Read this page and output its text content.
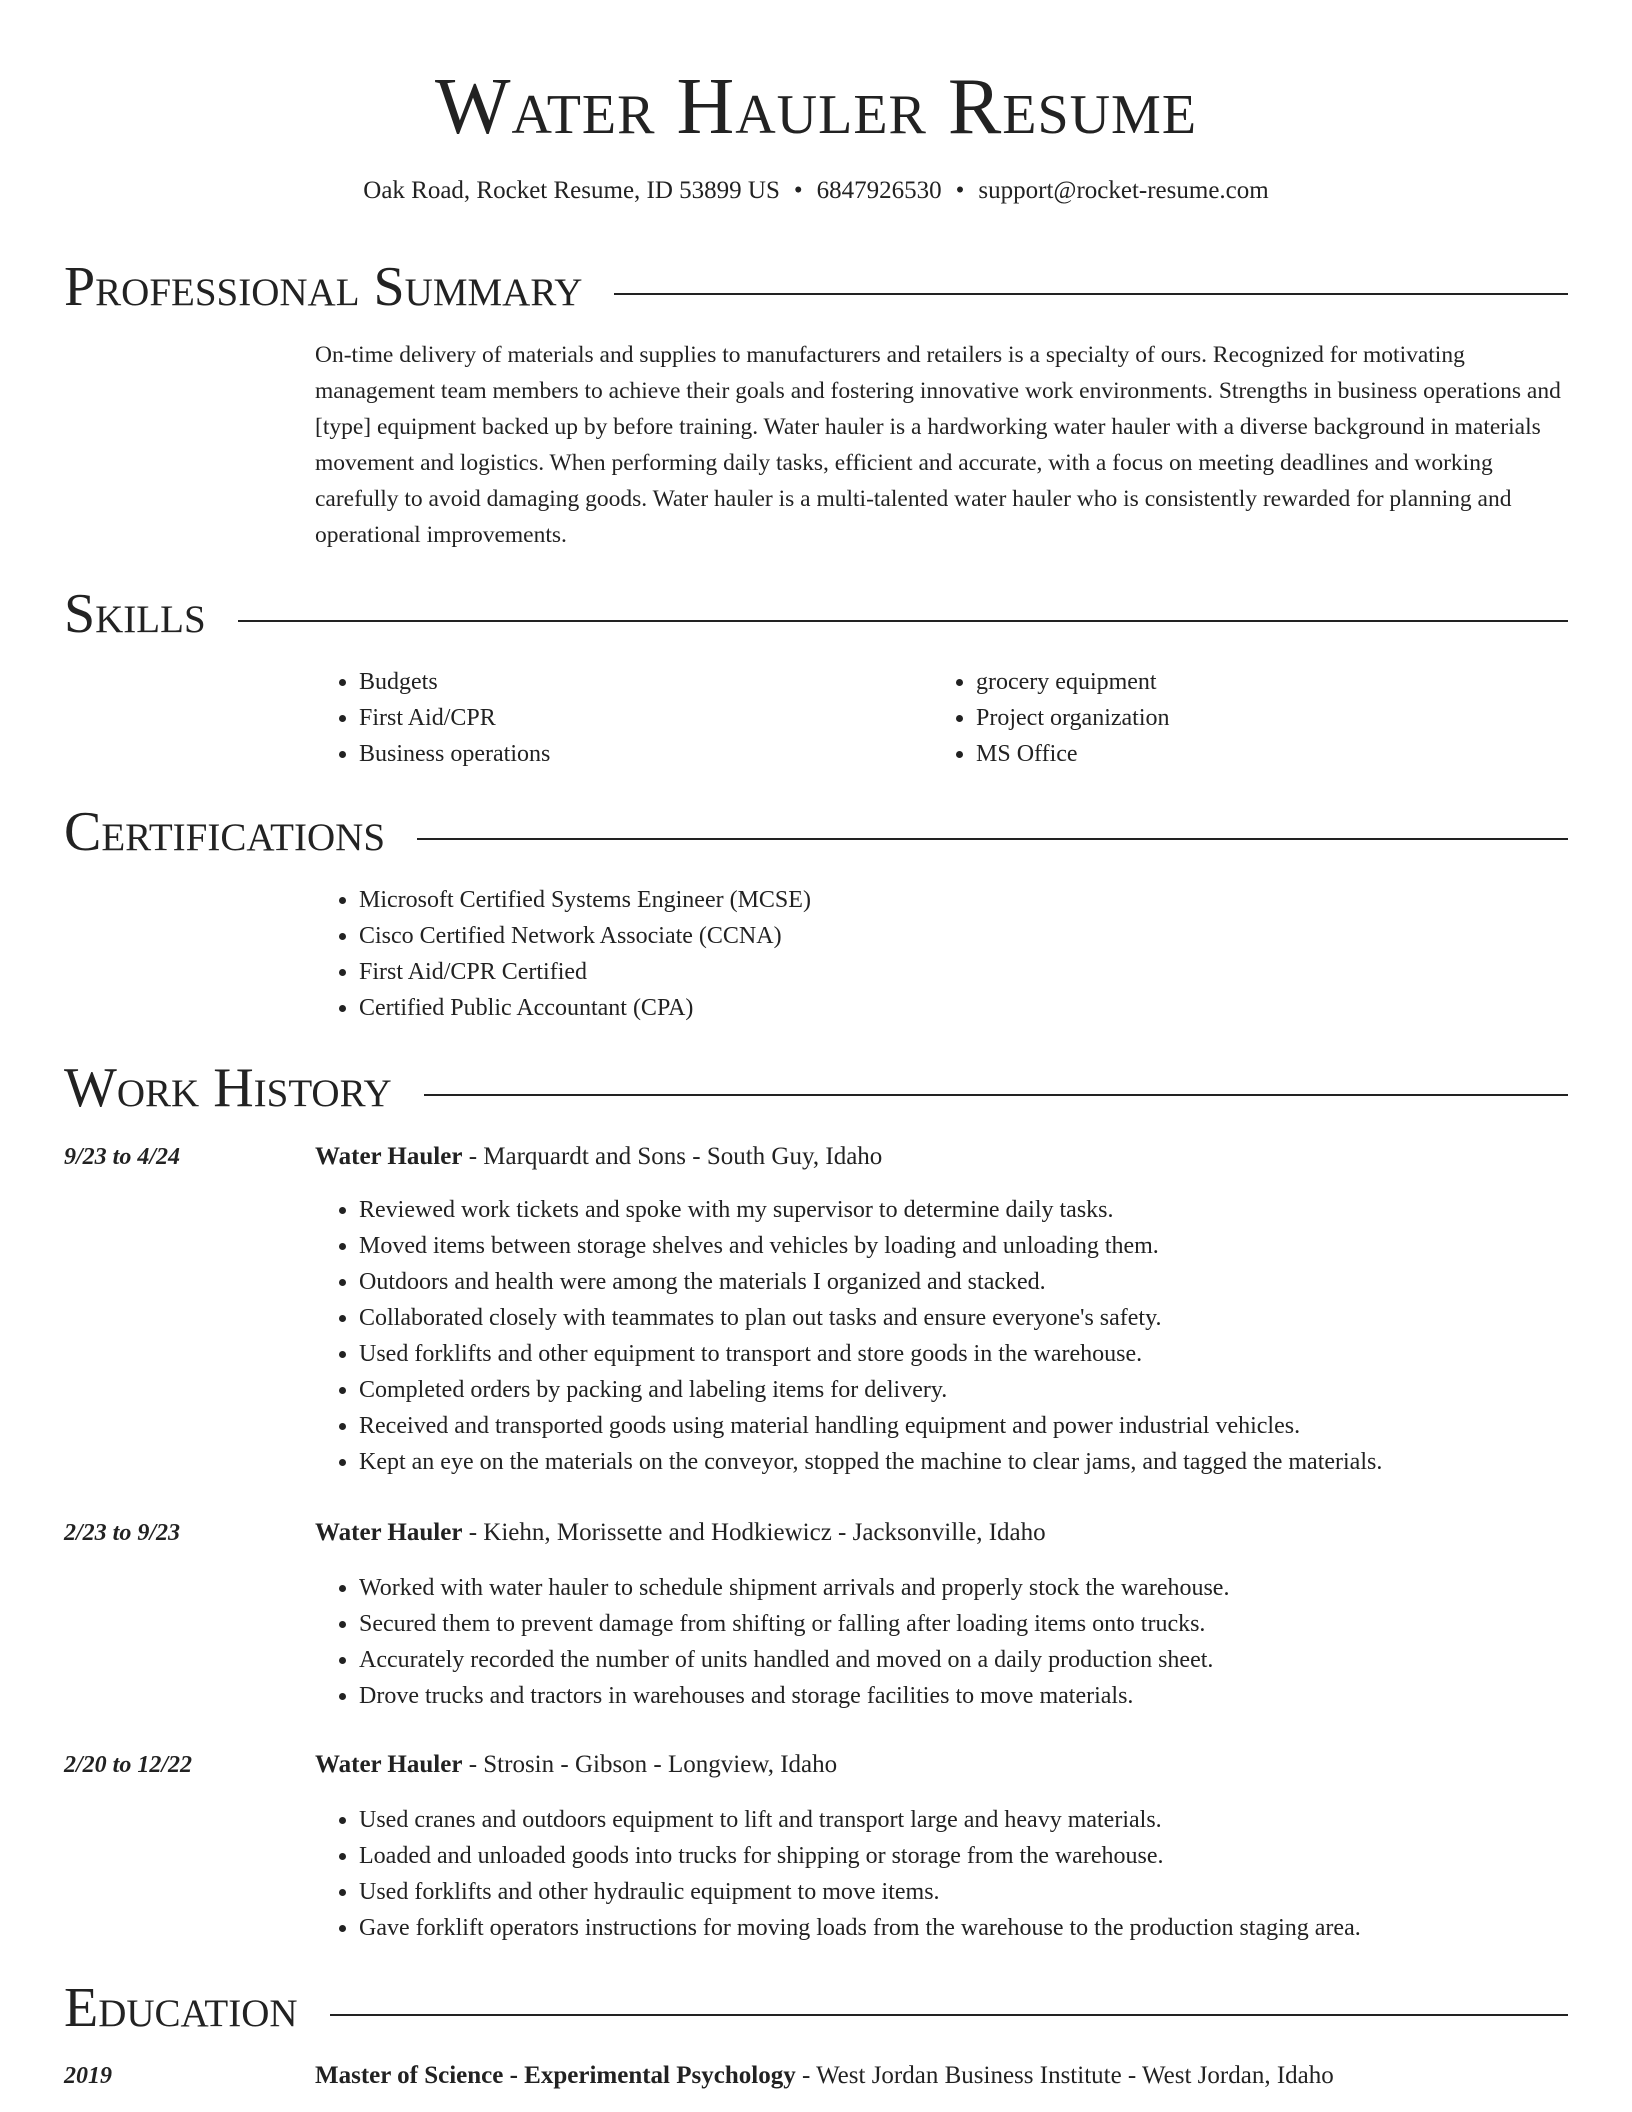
Water Hauler Resume
Oak Road, Rocket Resume, ID 53899 US • 6847926530 • support@rocket-resume.com
Professional Summary

On-time delivery of materials and supplies to manufacturers and retailers is a specialty of ours. Recognized for motivating management team members to achieve their goals and fostering innovative work environments. Strengths in business operations and [type] equipment backed up by before training. Water hauler is a hardworking water hauler with a diverse background in materials movement and logistics. When performing daily tasks, efficient and accurate, with a focus on meeting deadlines and working carefully to avoid damaging goods. Water hauler is a multi-talented water hauler who is consistently rewarded for planning and operational improvements.

Skills
• Budgets
• First Aid/CPR
• Business operations
• grocery equipment
• Project organization
• MS Office
Certifications
• Microsoft Certified Systems Engineer (MCSE)
• Cisco Certified Network Associate (CCNA)
• First Aid/CPR Certified
• Certified Public Accountant (CPA)
Work History
9/23 to 4/24	Water Hauler - Marquardt and Sons - South Guy, Idaho
• Reviewed work tickets and spoke with my supervisor to determine daily tasks.
• Moved items between storage shelves and vehicles by loading and unloading them.
• Outdoors and health were among the materials I organized and stacked.
• Collaborated closely with teammates to plan out tasks and ensure everyone's safety.
• Used forklifts and other equipment to transport and store goods in the warehouse.
• Completed orders by packing and labeling items for delivery.
• Received and transported goods using material handling equipment and power industrial vehicles.
• Kept an eye on the materials on the conveyor, stopped the machine to clear jams, and tagged the materials.
2/23 to 9/23	Water Hauler - Kiehn, Morissette and Hodkiewicz - Jacksonville, Idaho
• Worked with water hauler to schedule shipment arrivals and properly stock the warehouse.
• Secured them to prevent damage from shifting or falling after loading items onto trucks.
• Accurately recorded the number of units handled and moved on a daily production sheet.
• Drove trucks and tractors in warehouses and storage facilities to move materials.
2/20 to 12/22	Water Hauler - Strosin - Gibson - Longview, Idaho
• Used cranes and outdoors equipment to lift and transport large and heavy materials.
• Loaded and unloaded goods into trucks for shipping or storage from the warehouse.
• Used forklifts and other hydraulic equipment to move items.
• Gave forklift operators instructions for moving loads from the warehouse to the production staging area.
Education
2019	Master of Science - Experimental Psychology - West Jordan Business Institute - West Jordan, Idaho
